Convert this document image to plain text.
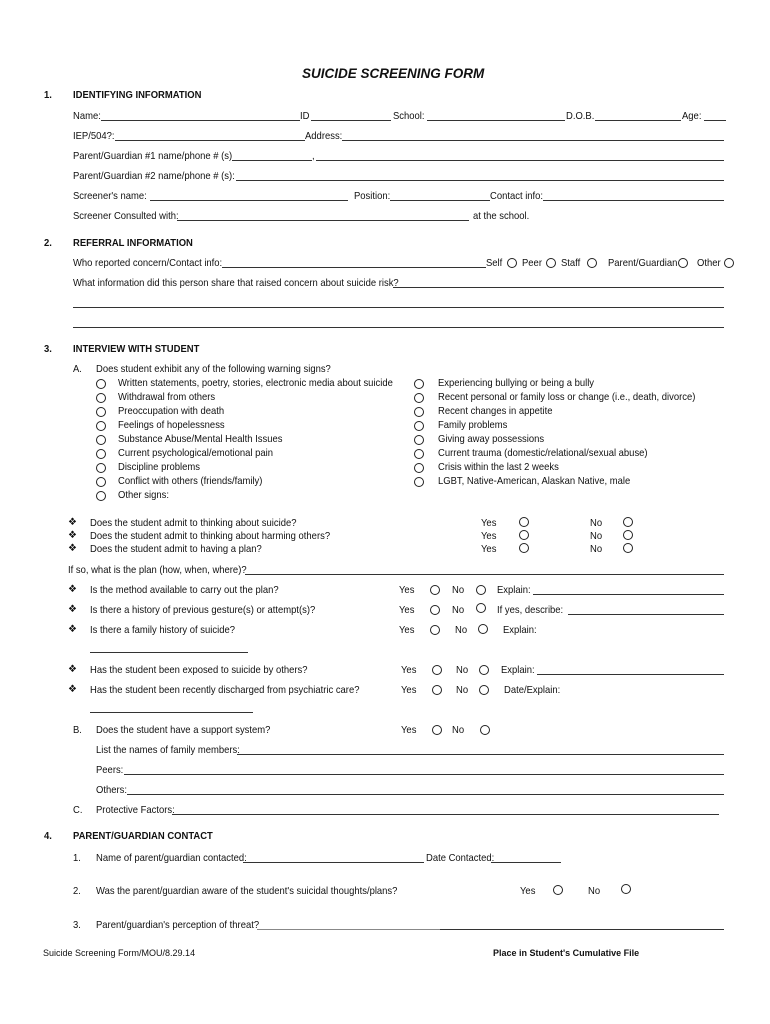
SUICIDE SCREENING FORM
1. IDENTIFYING INFORMATION
Name:	ID	School:	D.O.B.	Age:
IEP/504?:	Address:
Parent/Guardian #1 name/phone # (s)	,
Parent/Guardian #2 name/phone # (s):
Screener's name:	Position:	Contact info:
Screener Consulted with:	at the school.
2. REFERRAL INFORMATION
Who reported concern/Contact info:	Self Peer Staff	Parent/Guardian Other
What information did this person share that raised concern about suicide risk?
3. INTERVIEW WITH STUDENT
A. Does student exhibit any of the following warning signs?
Written statements, poetry, stories, electronic media about suicide
Withdrawal from others
Preoccupation with death
Feelings of hopelessness
Substance Abuse/Mental Health Issues
Current psychological/emotional pain
Discipline problems
Conflict with others (friends/family)
Other signs:
Experiencing bullying or being a bully
Recent personal or family loss or change (i.e., death, divorce)
Recent changes in appetite
Family problems
Giving away possessions
Current trauma (domestic/relational/sexual abuse)
Crisis within the last 2 weeks
LGBT, Native-American, Alaskan Native, male
❖ Does the student admit to thinking about suicide?	Yes	No
❖ Does the student admit to thinking about harming others?	Yes	No
❖ Does the student admit to having a plan?	Yes	No
If so, what is the plan (how, when, where)?
❖ Is the method available to carry out the plan?	Yes	No	Explain:
❖ Is there a history of previous gesture(s) or attempt(s)?	Yes	No	If yes, describe:
❖ Is there a family history of suicide?	Yes	No	Explain:
❖ Has the student been exposed to suicide by others?	Yes	No	Explain:
❖ Has the student been recently discharged from psychiatric care?	Yes	No	Date/Explain:
B. Does the student have a support system?	Yes	No
List the names of family members:
Peers:
Others:
C. Protective Factors:
4. PARENT/GUARDIAN CONTACT
1. Name of parent/guardian contacted:	Date Contacted:
2. Was the parent/guardian aware of the student's suicidal thoughts/plans?	Yes	No
3. Parent/guardian's perception of threat?
Suicide Screening Form/MOU/8.29.14	Place in Student's Cumulative File
